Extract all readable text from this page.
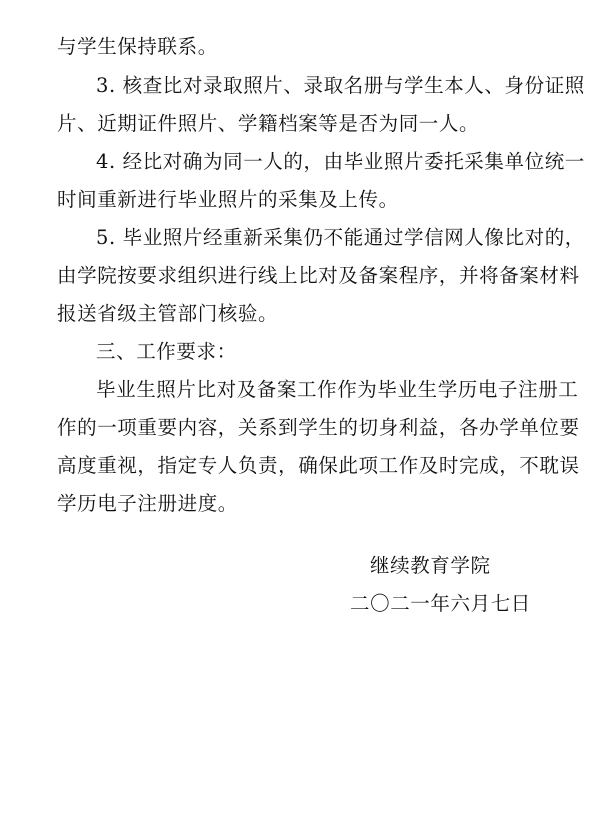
与学生保持联系。
3. 核查比对录取照片、录取名册与学生本人、身份证照
片、近期证件照片、学籍档案等是否为同一人。
4. 经比对确为同一人的，由毕业照片委托采集单位统一
时间重新进行毕业照片的采集及上传。
5. 毕业照片经重新采集仍不能通过学信网人像比对的，
由学院按要求组织进行线上比对及备案程序，并将备案材料
报送省级主管部门核验。
三、工作要求：
毕业生照片比对及备案工作作为毕业生学历电子注册工
作的一项重要内容，关系到学生的切身利益，各办学单位要
高度重视，指定专人负责，确保此项工作及时完成，不耽误
学历电子注册进度。
继续教育学院
二〇二一年六月七日
